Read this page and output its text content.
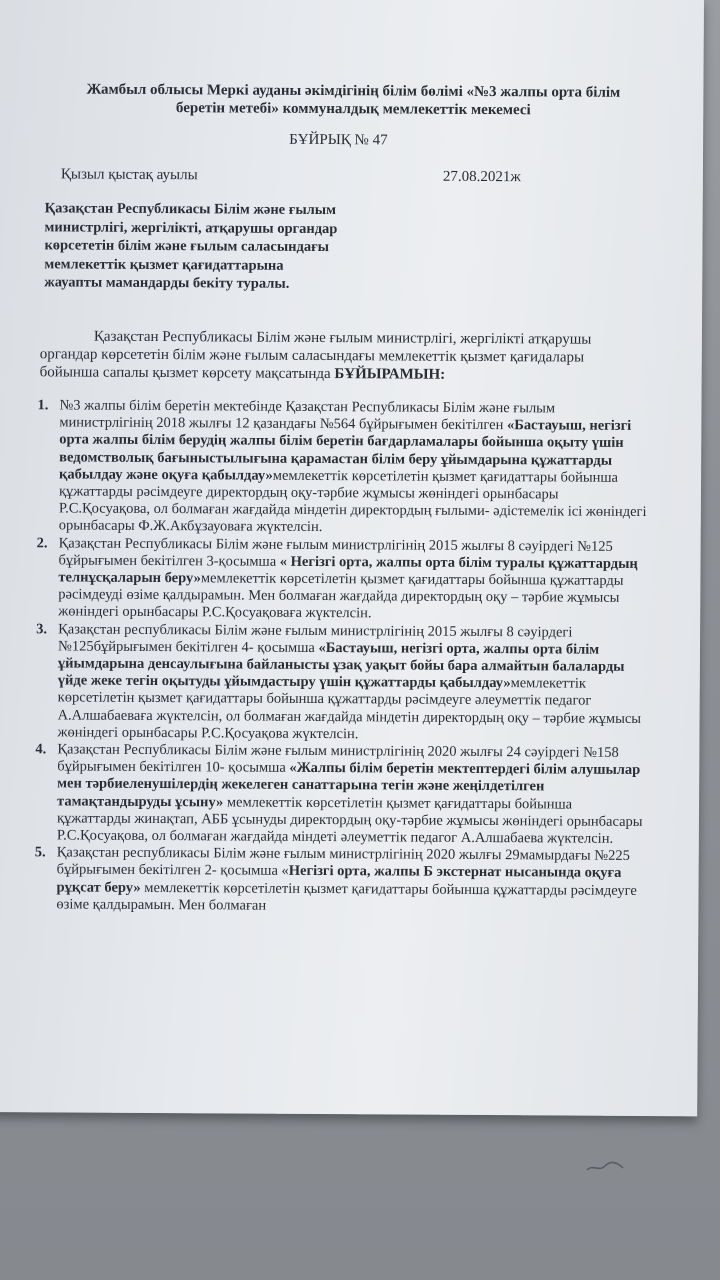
Жамбыл облысы Меркі ауданы әкімдігінің білім бөлімі «№3 жалпы орта білім беретін метебі» коммуналдық мемлекеттік мекемесі

БҰЙРЫҚ № 47

Қызыл қыстақ ауылы	27.08.2021ж

Қазақстан Республикасы Білім және ғылым министрлігі, жергілікті, атқарушы органдар көрсететін білім және ғылым саласындағы мемлекеттік қызмет қағидаттарына жауапты мамандарды бекіту туралы.

Қазақстан Республикасы Білім және ғылым министрлігі, жергілікті атқарушы органдар көрсететін білім және ғылым саласындағы мемлекеттік қызмет қағидалары бойынша сапалы қызмет көрсету мақсатында БҰЙЫРАМЫН:

1. №3 жалпы білім беретін мектебінде Қазақстан Республикасы Білім және ғылым министрлігінің 2018 жылғы 12 қазандағы №564 бұйрығымен бекітілген «Бастауыш, негізгі орта жалпы білім берудің жалпы білім беретін бағдарламалары бойынша оқыту үшін ведомстволық бағыныстылығына қарамастан білім беру ұйымдарына құжаттарды қабылдау және оқуға қабылдау»мемлекеттік көрсетілетін қызмет қағидаттары бойынша құжаттарды рәсімдеуге директордың оқу-тәрбие жұмысы жөніндегі орынбасары Р.С.Қосуақова, ол болмаған жағдайда міндетін директордың ғылыми- әдістемелік ісі жөніндегі орынбасары Ф.Ж.Акбұзауоваға жүктелсін.
2. Қазақстан Республикасы Білім және ғылым министрлігінің 2015 жылғы 8 сәуірдегі №125 бұйрығымен бекітілген 3-қосымша « Негізгі орта, жалпы орта білім туралы құжаттардың телнұсқаларын беру»мемлекеттік көрсетілетін қызмет қағидаттары бойынша құжаттарды рәсімдеуді өзіме қалдырамын. Мен болмаған жағдайда директордың оқу – тәрбие жұмысы жөніндегі орынбасары Р.С.Қосуақоваға жүктелсін.
3. Қазақстан республикасы Білім және ғылым министрлігінің 2015 жылғы 8 сәуірдегі №125бұйрығымен бекітілген 4- қосымша «Бастауыш, негізгі орта, жалпы орта білім ұйымдарына денсаулығына байланысты ұзақ уақыт бойы бара алмайтын балаларды үйде жеке тегін оқытуды ұйымдастыру үшін құжаттарды қабылдау»мемлекеттік көрсетілетін қызмет қағидаттары бойынша құжаттарды рәсімдеуге әлеуметтік педагог А.Алшабаеваға жүктелсін, ол болмаған жағдайда міндетін директордың оқу – тәрбие жұмысы жөніндегі орынбасары Р.С.Қосуақова жүктелсін.
4. Қазақстан Республикасы Білім және ғылым министрлігінің 2020 жылғы 24 сәуірдегі №158 бұйрығымен бекітілген 10- қосымша «Жалпы білім беретін мектептердегі білім алушылар мен тәрбиеленушілердің жекелеген санаттарына тегін және жеңілдетілген тамақтандыруды ұсыну» мемлекеттік көрсетілетін қызмет қағидаттары бойынша құжаттарды жинақтап, АББ ұсынуды директордың оқу-тәрбие жұмысы жөніндегі орынбасары Р.С.Қосуақова, ол болмаған жағдайда міндеті әлеуметтік педагог А.Алшабаева жүктелсін.
5. Қазақстан республикасы Білім және ғылым министрлігінің 2020 жылғы 29мамырдағы №225 бұйрығымен бекітілген 2- қосымша «Негізгі орта, жалпы Б экстернат нысанында оқуға рұқсат беру» мемлекеттік көрсетілетін қызмет қағидаттары бойынша құжаттарды рәсімдеуге өзіме қалдырамын. Мен болмаған
